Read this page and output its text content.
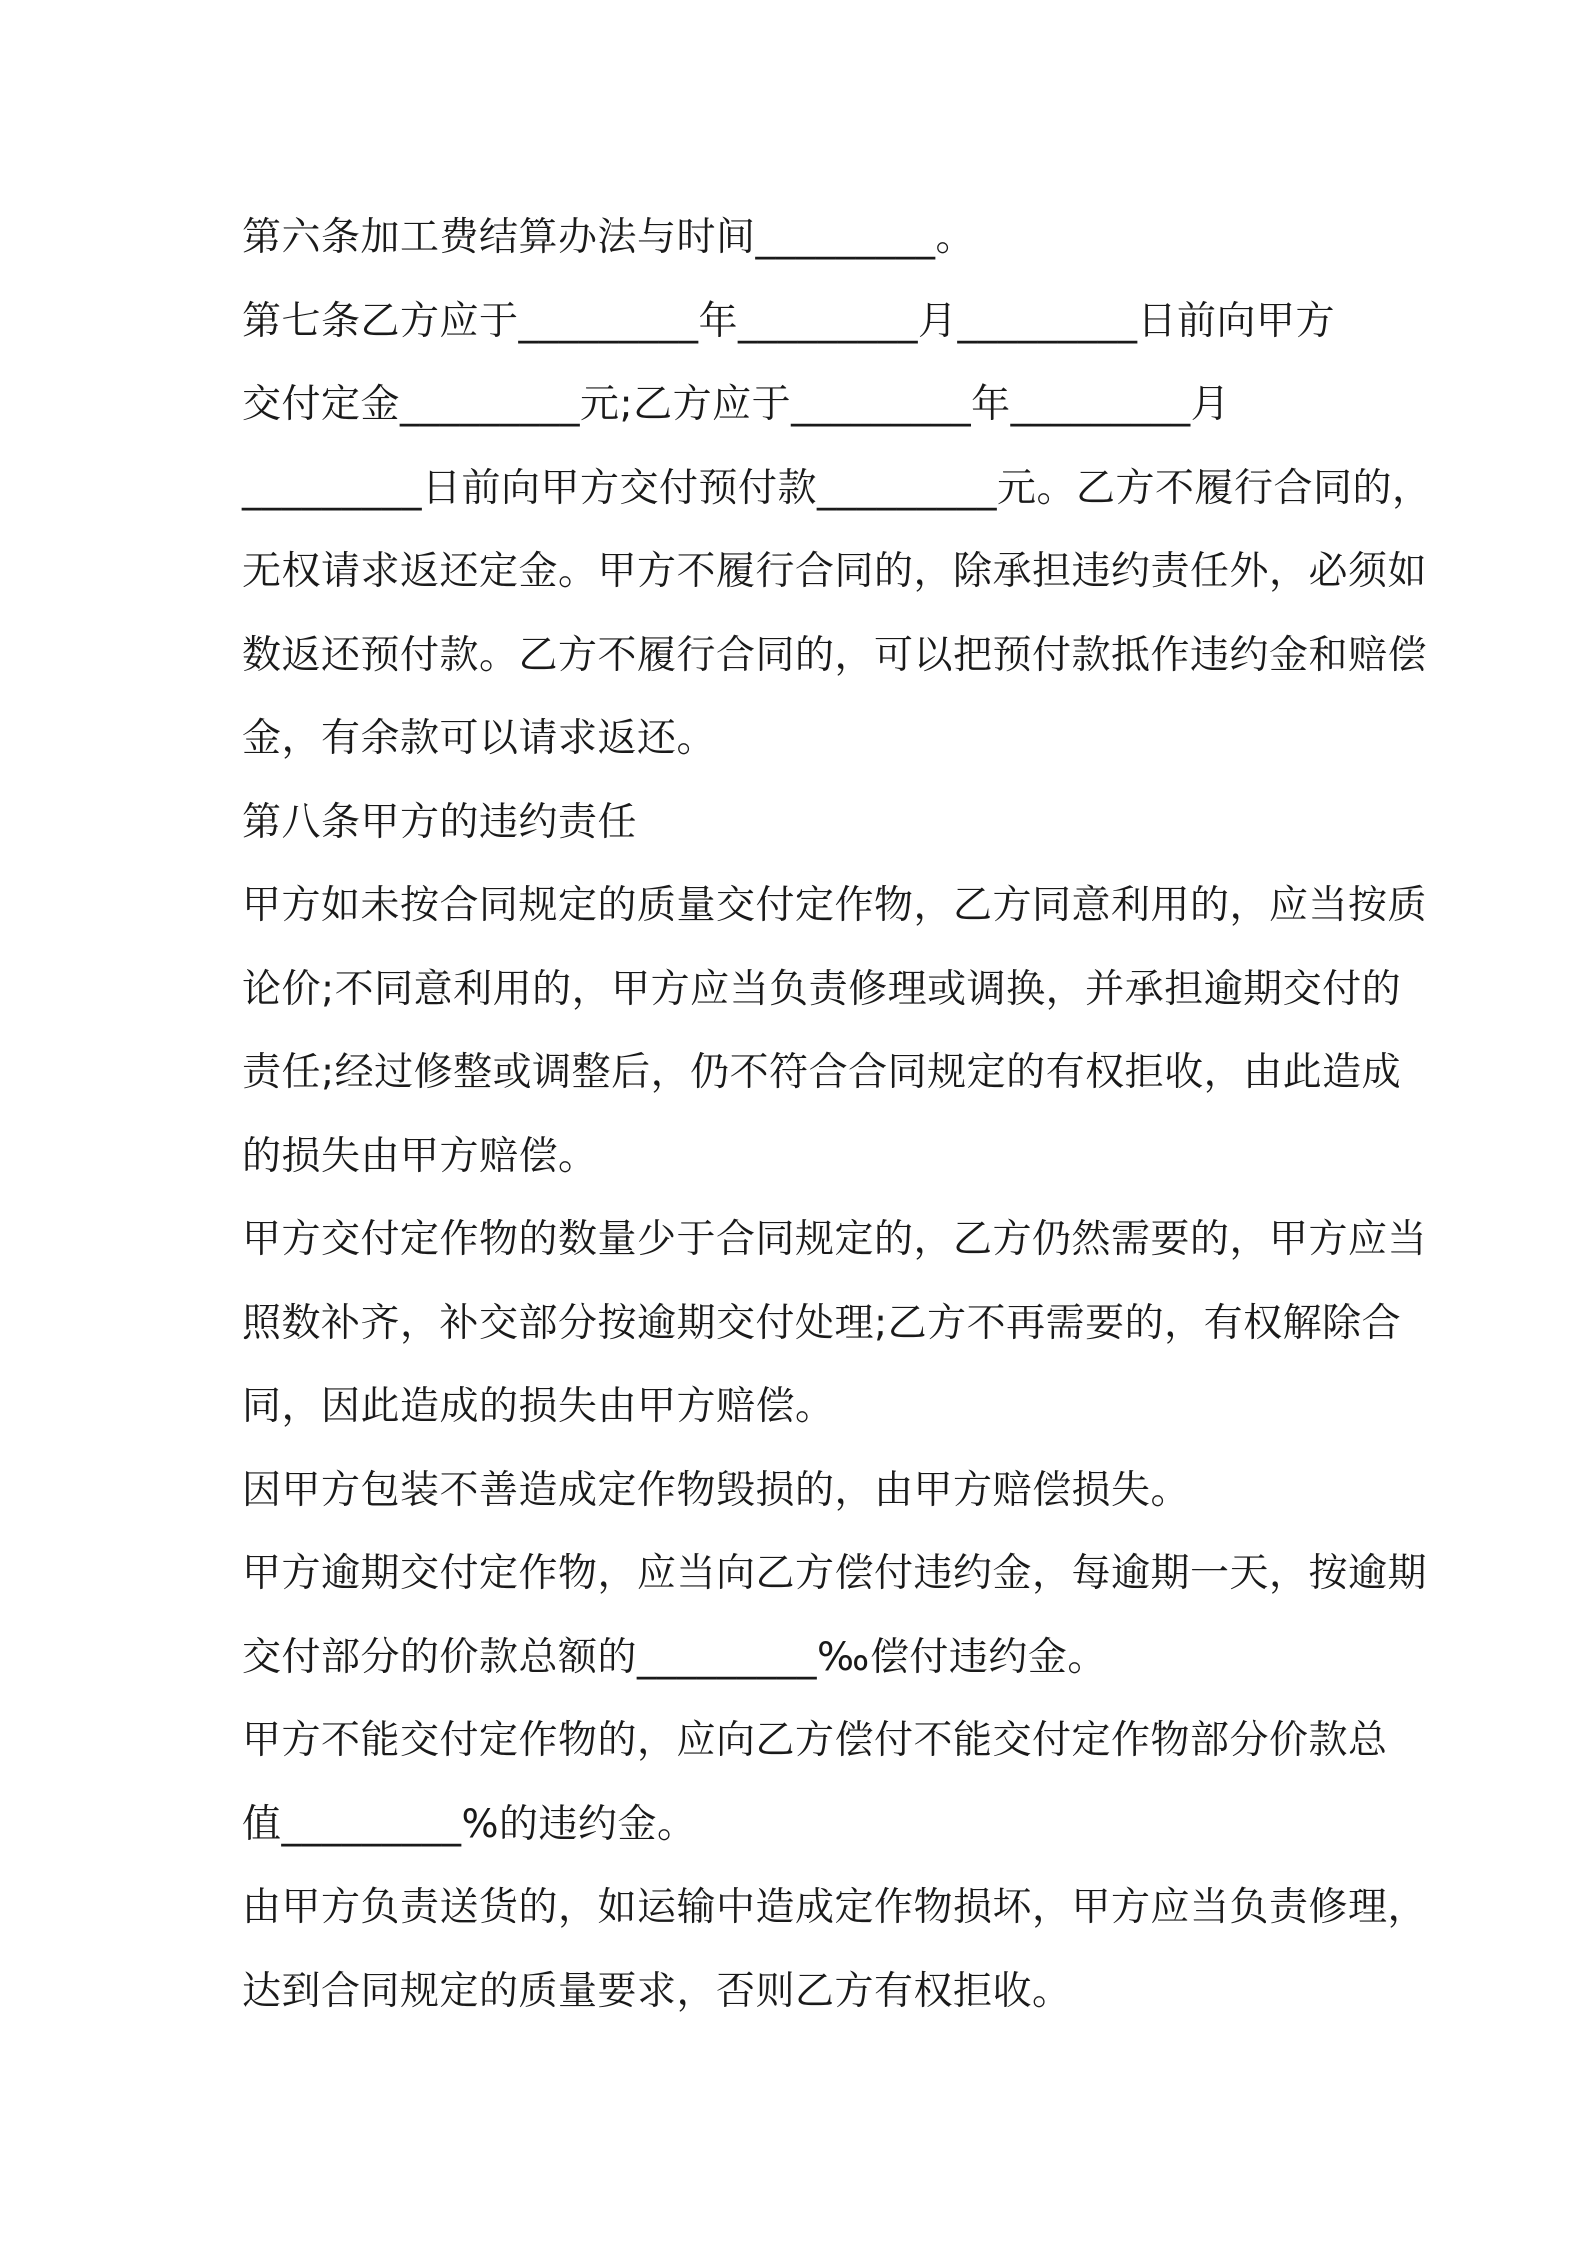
第六条加工费结算办法与时间_________。
第七条乙方应于_________年_________月_________日前向甲方
交付定金_________元;乙方应于_________年_________月
_________日前向甲方交付预付款_________元。乙方不履行合同的，
无权请求返还定金。甲方不履行合同的，除承担违约责任外，必须如
数返还预付款。乙方不履行合同的，可以把预付款抵作违约金和赔偿
金，有余款可以请求返还。
第八条甲方的违约责任
甲方如未按合同规定的质量交付定作物，乙方同意利用的，应当按质
论价;不同意利用的，甲方应当负责修理或调换，并承担逾期交付的
责任;经过修整或调整后，仍不符合合同规定的有权拒收，由此造成
的损失由甲方赔偿。
甲方交付定作物的数量少于合同规定的，乙方仍然需要的，甲方应当
照数补齐，补交部分按逾期交付处理;乙方不再需要的，有权解除合
同，因此造成的损失由甲方赔偿。
因甲方包装不善造成定作物毁损的，由甲方赔偿损失。
甲方逾期交付定作物，应当向乙方偿付违约金，每逾期一天，按逾期
交付部分的价款总额的_________‰偿付违约金。
甲方不能交付定作物的，应向乙方偿付不能交付定作物部分价款总
值_________%的违约金。
由甲方负责送货的，如运输中造成定作物损坏，甲方应当负责修理，
达到合同规定的质量要求，否则乙方有权拒收。
